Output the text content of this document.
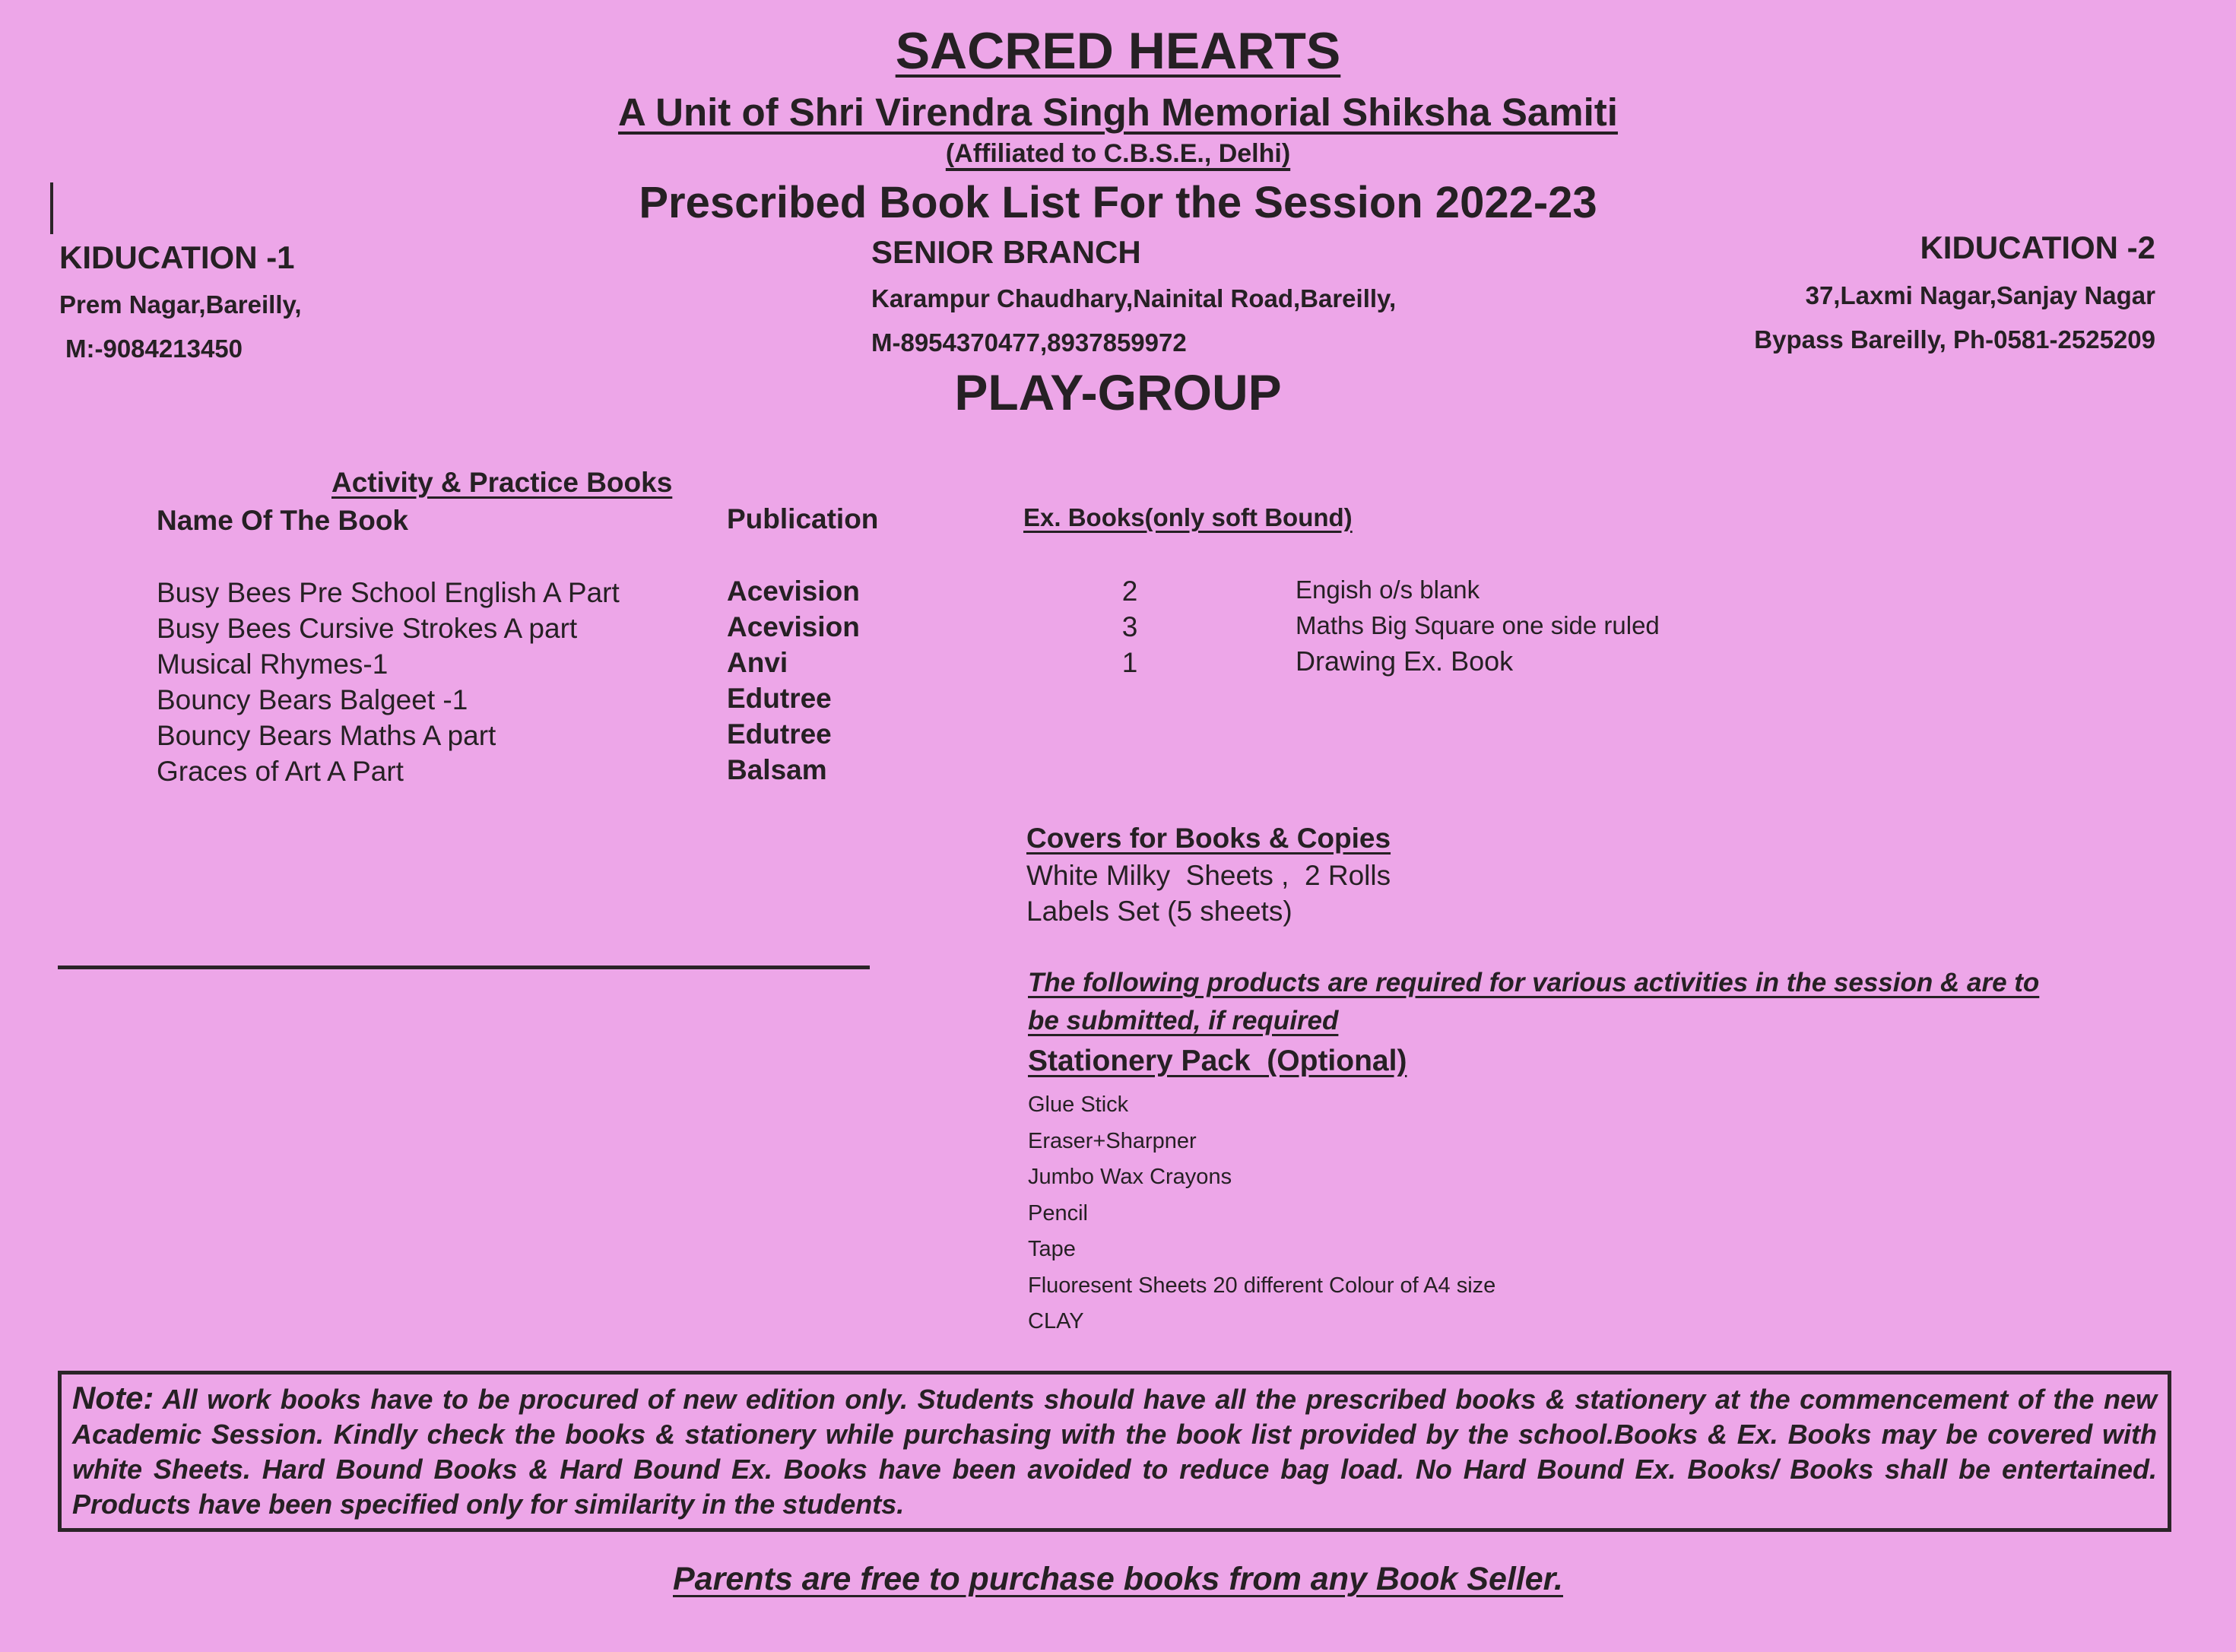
SACRED HEARTS
A Unit of Shri Virendra Singh Memorial Shiksha Samiti
(Affiliated to C.B.S.E., Delhi)
Prescribed Book List For the Session 2022-23
KIDUCATION -1
Prem Nagar,Bareilly,
M:-9084213450
SENIOR BRANCH
Karampur Chaudhary,Nainital Road,Bareilly,
M-8954370477,8937859972
KIDUCATION -2
37,Laxmi Nagar,Sanjay Nagar
Bypass Bareilly, Ph-0581-2525209
PLAY-GROUP
Activity & Practice Books
Name Of The Book	Publication	Ex. Books(only soft Bound)
Busy Bees Pre School English A Part
Busy Bees Cursive Strokes A part
Musical Rhymes-1
Bouncy Bears Balgeet -1
Bouncy Bears Maths A part
Graces of Art A Part
Acevision
Acevision
Anvi
Edutree
Edutree
Balsam
2
3
1
Engish o/s blank
Maths Big Square one side ruled
Drawing Ex. Book
Covers for Books & Copies
White Milky  Sheets ,  2 Rolls
Labels Set (5 sheets)
The following products are required for various activities in the session & are to
be submitted, if required
Stationery Pack  (Optional)
Glue Stick
Eraser+Sharpner
Jumbo Wax Crayons
Pencil
Tape
Fluoresent Sheets 20 different Colour of A4 size
CLAY
Note: All work books have to be procured of new edition only. Students should have all the prescribed books & stationery at the commencement of the new Academic Session. Kindly check the books & stationery while purchasing with the book list provided by the school.Books & Ex. Books may be covered with white Sheets. Hard Bound Books & Hard Bound Ex. Books have been avoided to reduce bag load. No Hard Bound Ex. Books/ Books shall be entertained. Products have been specified only for similarity in the students.
Parents are free to purchase books from any Book Seller.
